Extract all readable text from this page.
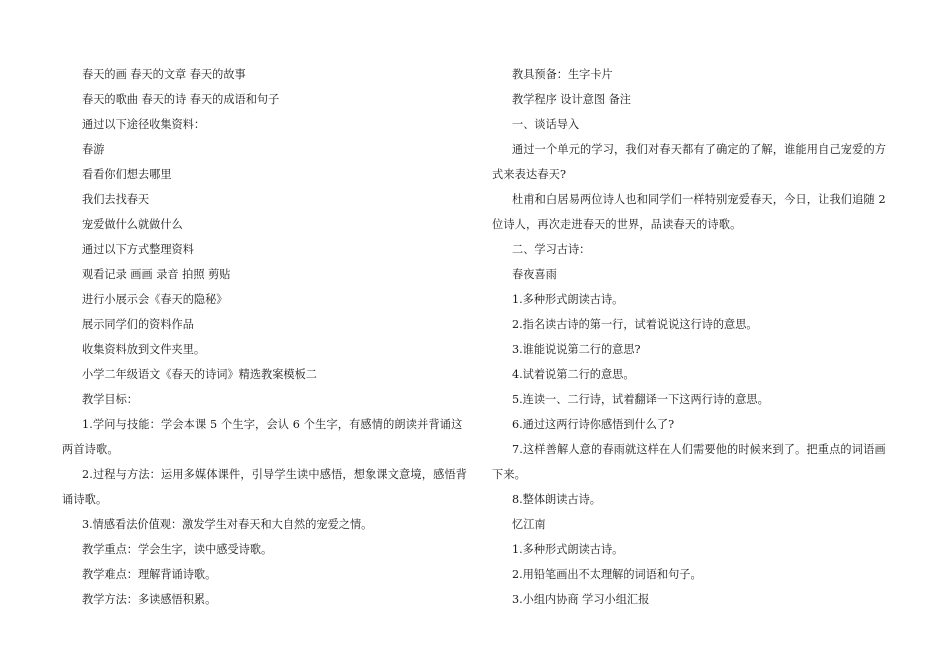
春天的画 春天的文章 春天的故事

春天的歌曲 春天的诗 春天的成语和句子

通过以下途径收集资料：

春游

看看你们想去哪里

我们去找春天

宠爱做什么就做什么

通过以下方式整理资料

观看记录 画画 录音 拍照 剪贴

进行小展示会《春天的隐秘》

展示同学们的资料作品

收集资料放到文件夹里。

小学二年级语文《春天的诗词》精选教案模板二

教学目标：

1.学问与技能：学会本课 5 个生字，会认 6 个生字，有感情的朗读并背诵这两首诗歌。

2.过程与方法：运用多媒体课件，引导学生读中感悟，想象课文意境，感悟背诵诗歌。

3.情感看法价值观：激发学生对春天和大自然的宠爱之情。

教学重点：学会生字，读中感受诗歌。

教学难点：理解背诵诗歌。

教学方法：多读感悟积累。

教具预备：生字卡片

教学程序 设计意图 备注

一、谈话导入

通过一个单元的学习，我们对春天都有了确定的了解，谁能用自己宠爱的方式来表达春天?

杜甫和白居易两位诗人也和同学们一样特别宠爱春天，今日，让我们追随 2 位诗人，再次走进春天的世界，品读春天的诗歌。

二、学习古诗：

春夜喜雨

1.多种形式朗读古诗。

2.指名读古诗的第一行，试着说说这行诗的意思。

3.谁能说说第二行的意思?

4.试着说第二行的意思。

5.连读一、二行诗，试着翻译一下这两行诗的意思。

6.通过这两行诗你感悟到什么了?

7.这样善解人意的春雨就这样在人们需要他的时候来到了。把重点的词语画下来。

8.整体朗读古诗。

忆江南

1.多种形式朗读古诗。

2.用铅笔画出不太理解的词语和句子。

3.小组内协商 学习小组汇报
